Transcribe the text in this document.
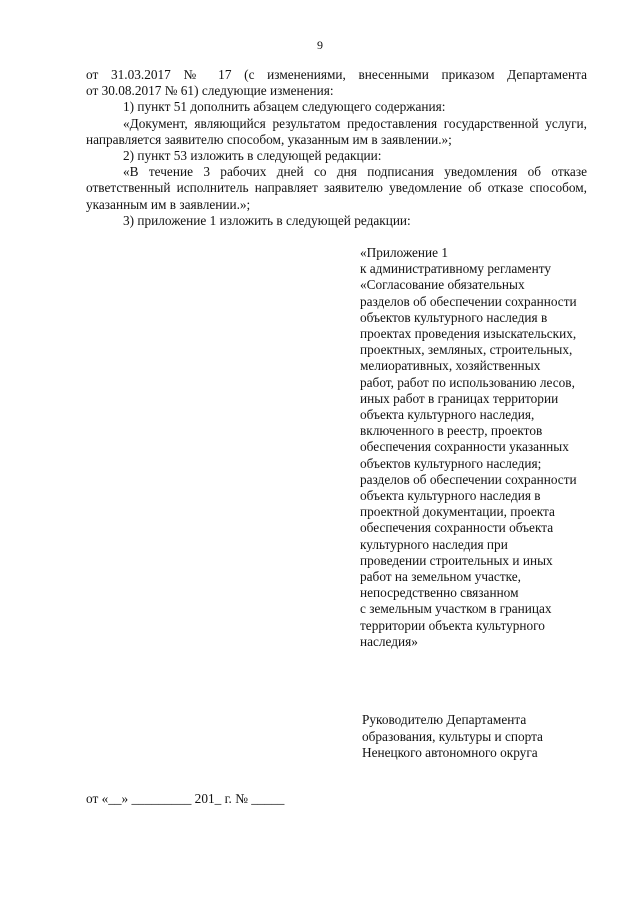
9

от 31.03.2017 № 17 (с изменениями, внесенными приказом Департамента

от 30.08.2017 № 61) следующие изменения:

1) пункт 51 дополнить абзацем следующего содержания:

«Документ, являющийся результатом предоставления государственной услуги, направляется заявителю способом, указанным им в заявлении.»;

2) пункт 53 изложить в следующей редакции:

«В течение 3 рабочих дней со дня подписания уведомления об отказе ответственный исполнитель направляет заявителю уведомление об отказе способом, указанным им в заявлении.»;

3) приложение 1 изложить в следующей редакции:

«Приложение 1
к административному регламенту
«Согласование обязательных
разделов об обеспечении сохранности
объектов культурного наследия в
проектах проведения изыскательских,
проектных, земляных, строительных,
мелиоративных, хозяйственных
работ, работ по использованию лесов,
иных работ в границах территории
объекта культурного наследия,
включенного в реестр, проектов
обеспечения сохранности указанных
объектов культурного наследия;
разделов об обеспечении сохранности
объекта культурного наследия в
проектной документации, проекта
обеспечения сохранности объекта
культурного наследия при
проведении строительных и иных
работ на земельном участке,
непосредственно связанном
с земельным участком в границах
территории объекта культурного
наследия»
Руководителю Департамента
образования, культуры и спорта
Ненецкого автономного округа
от «__» _________ 201_ г. № _____
